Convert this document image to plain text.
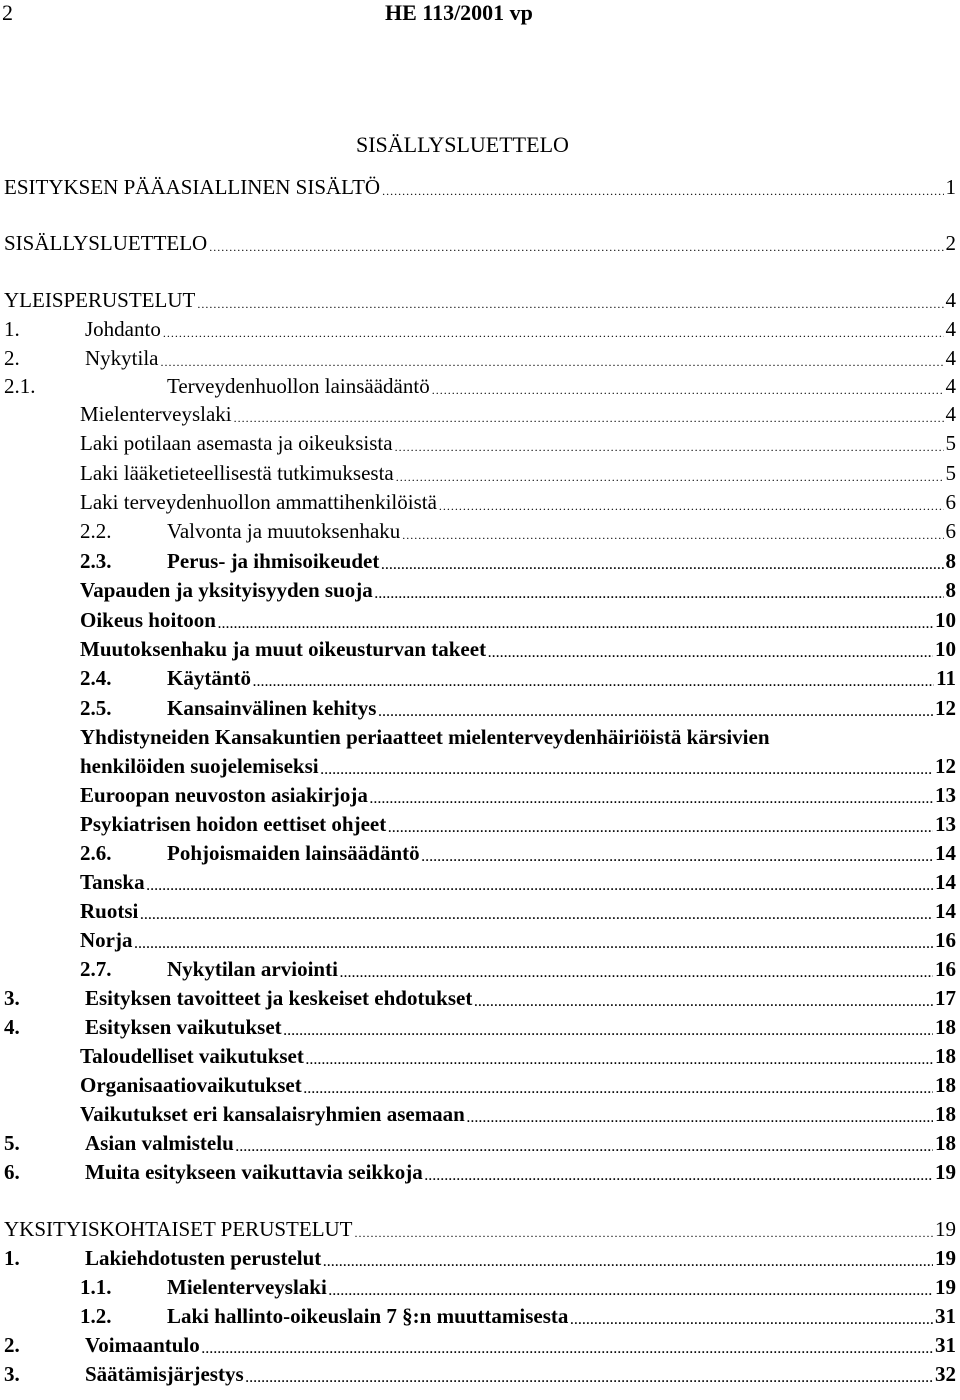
2	HE 113/2001 vp
SISÄLLYSLUETTELO
ESITYKSEN PÄÄASIALLINEN SISÄLTÖ .....	1
SISÄLLYSLUETTELO .....	2
YLEISPERUSTELUT .....	4
1.	Johdanto .....	4
2.	Nykytila .....	4
2.1.	Terveydenhuollon lainsäädäntö .....	4
Mielenterveyslaki .....	4
Laki potilaan asemasta ja oikeuksista .....	5
Laki lääketieteellisestä tutkimuksesta .....	5
Laki terveydenhuollon ammattihenkilöistä .....	6
2.2.	Valvonta ja muutoksenhaku .....	6
2.3.	Perus- ja ihmisoikeudet .....	8
Vapauden ja yksityisyyden suoja .....	8
Oikeus hoitoon .....	10
Muutoksenhaku ja muut oikeusturvan takeet .....	10
2.4.	Käytäntö .....	11
2.5.	Kansainvälinen kehitys .....	12
Yhdistyneiden Kansakuntien periaatteet mielenterveydenhäiriöistä kärsivien
henkilöiden suojelemiseksi .....	12
Euroopan neuvoston asiakirjoja .....	13
Psykiatrisen hoidon eettiset ohjeet .....	13
2.6.	Pohjoismaiden lainsäädäntö .....	14
Tanska .....	14
Ruotsi .....	14
Norja .....	16
2.7.	Nykytilan arviointi .....	16
3.	Esityksen tavoitteet ja keskeiset ehdotukset .....	17
4.	Esityksen vaikutukset .....	18
Taloudelliset vaikutukset .....	18
Organisaatiovaikutukset .....	18
Vaikutukset eri kansalaisryhmien asemaan .....	18
5.	Asian valmistelu .....	18
6.	Muita esitykseen vaikuttavia seikkoja .....	19
YKSITYISKOHTAISET PERUSTELUT .....	19
1.	Lakiehdotusten perustelut .....	19
1.1.	Mielenterveyslaki .....	19
1.2.	Laki hallinto-oikeuslain 7 §:n muuttamisesta .....	31
2.	Voimaantulo .....	31
3.	Säätämisjärjestys .....	32
